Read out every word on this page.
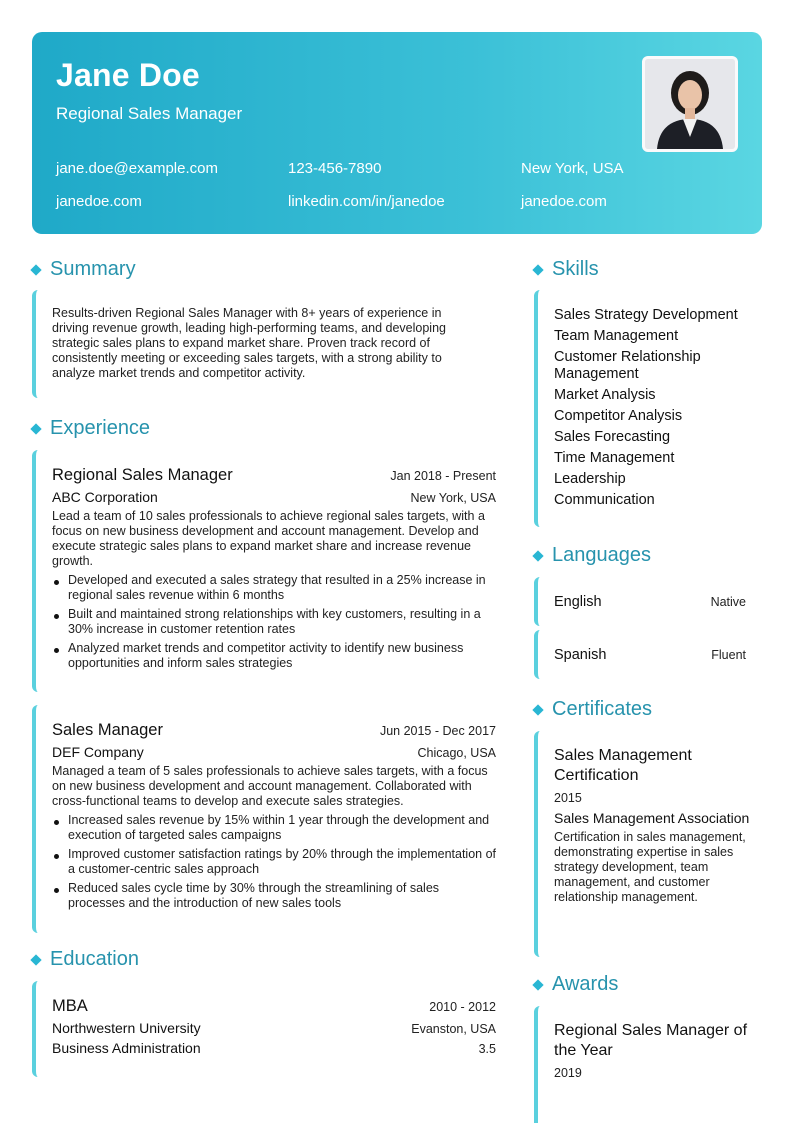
Jane Doe
Regional Sales Manager
jane.doe@example.com	123-456-7890	New York, USA
janedoe.com	linkedin.com/in/janedoe	janedoe.com
Summary
Results-driven Regional Sales Manager with 8+ years of experience in driving revenue growth, leading high-performing teams, and developing strategic sales plans to expand market share. Proven track record of consistently meeting or exceeding sales targets, with a strong ability to analyze market trends and competitor activity.
Experience
Regional Sales Manager	Jan 2018 - Present
ABC Corporation	New York, USA
Lead a team of 10 sales professionals to achieve regional sales targets, with a focus on new business development and account management. Develop and execute strategic sales plans to expand market share and increase revenue growth.
Developed and executed a sales strategy that resulted in a 25% increase in regional sales revenue within 6 months
Built and maintained strong relationships with key customers, resulting in a 30% increase in customer retention rates
Analyzed market trends and competitor activity to identify new business opportunities and inform sales strategies
Sales Manager	Jun 2015 - Dec 2017
DEF Company	Chicago, USA
Managed a team of 5 sales professionals to achieve sales targets, with a focus on new business development and account management. Collaborated with cross-functional teams to develop and execute sales strategies.
Increased sales revenue by 15% within 1 year through the development and execution of targeted sales campaigns
Improved customer satisfaction ratings by 20% through the implementation of a customer-centric sales approach
Reduced sales cycle time by 30% through the streamlining of sales processes and the introduction of new sales tools
Education
MBA	2010 - 2012
Northwestern University	Evanston, USA
Business Administration	3.5
Skills
Sales Strategy Development
Team Management
Customer Relationship Management
Market Analysis
Competitor Analysis
Sales Forecasting
Time Management
Leadership
Communication
Languages
English	Native
Spanish	Fluent
Certificates
Sales Management Certification
2015
Sales Management Association
Certification in sales management, demonstrating expertise in sales strategy development, team management, and customer relationship management.
Awards
Regional Sales Manager of the Year
2019
